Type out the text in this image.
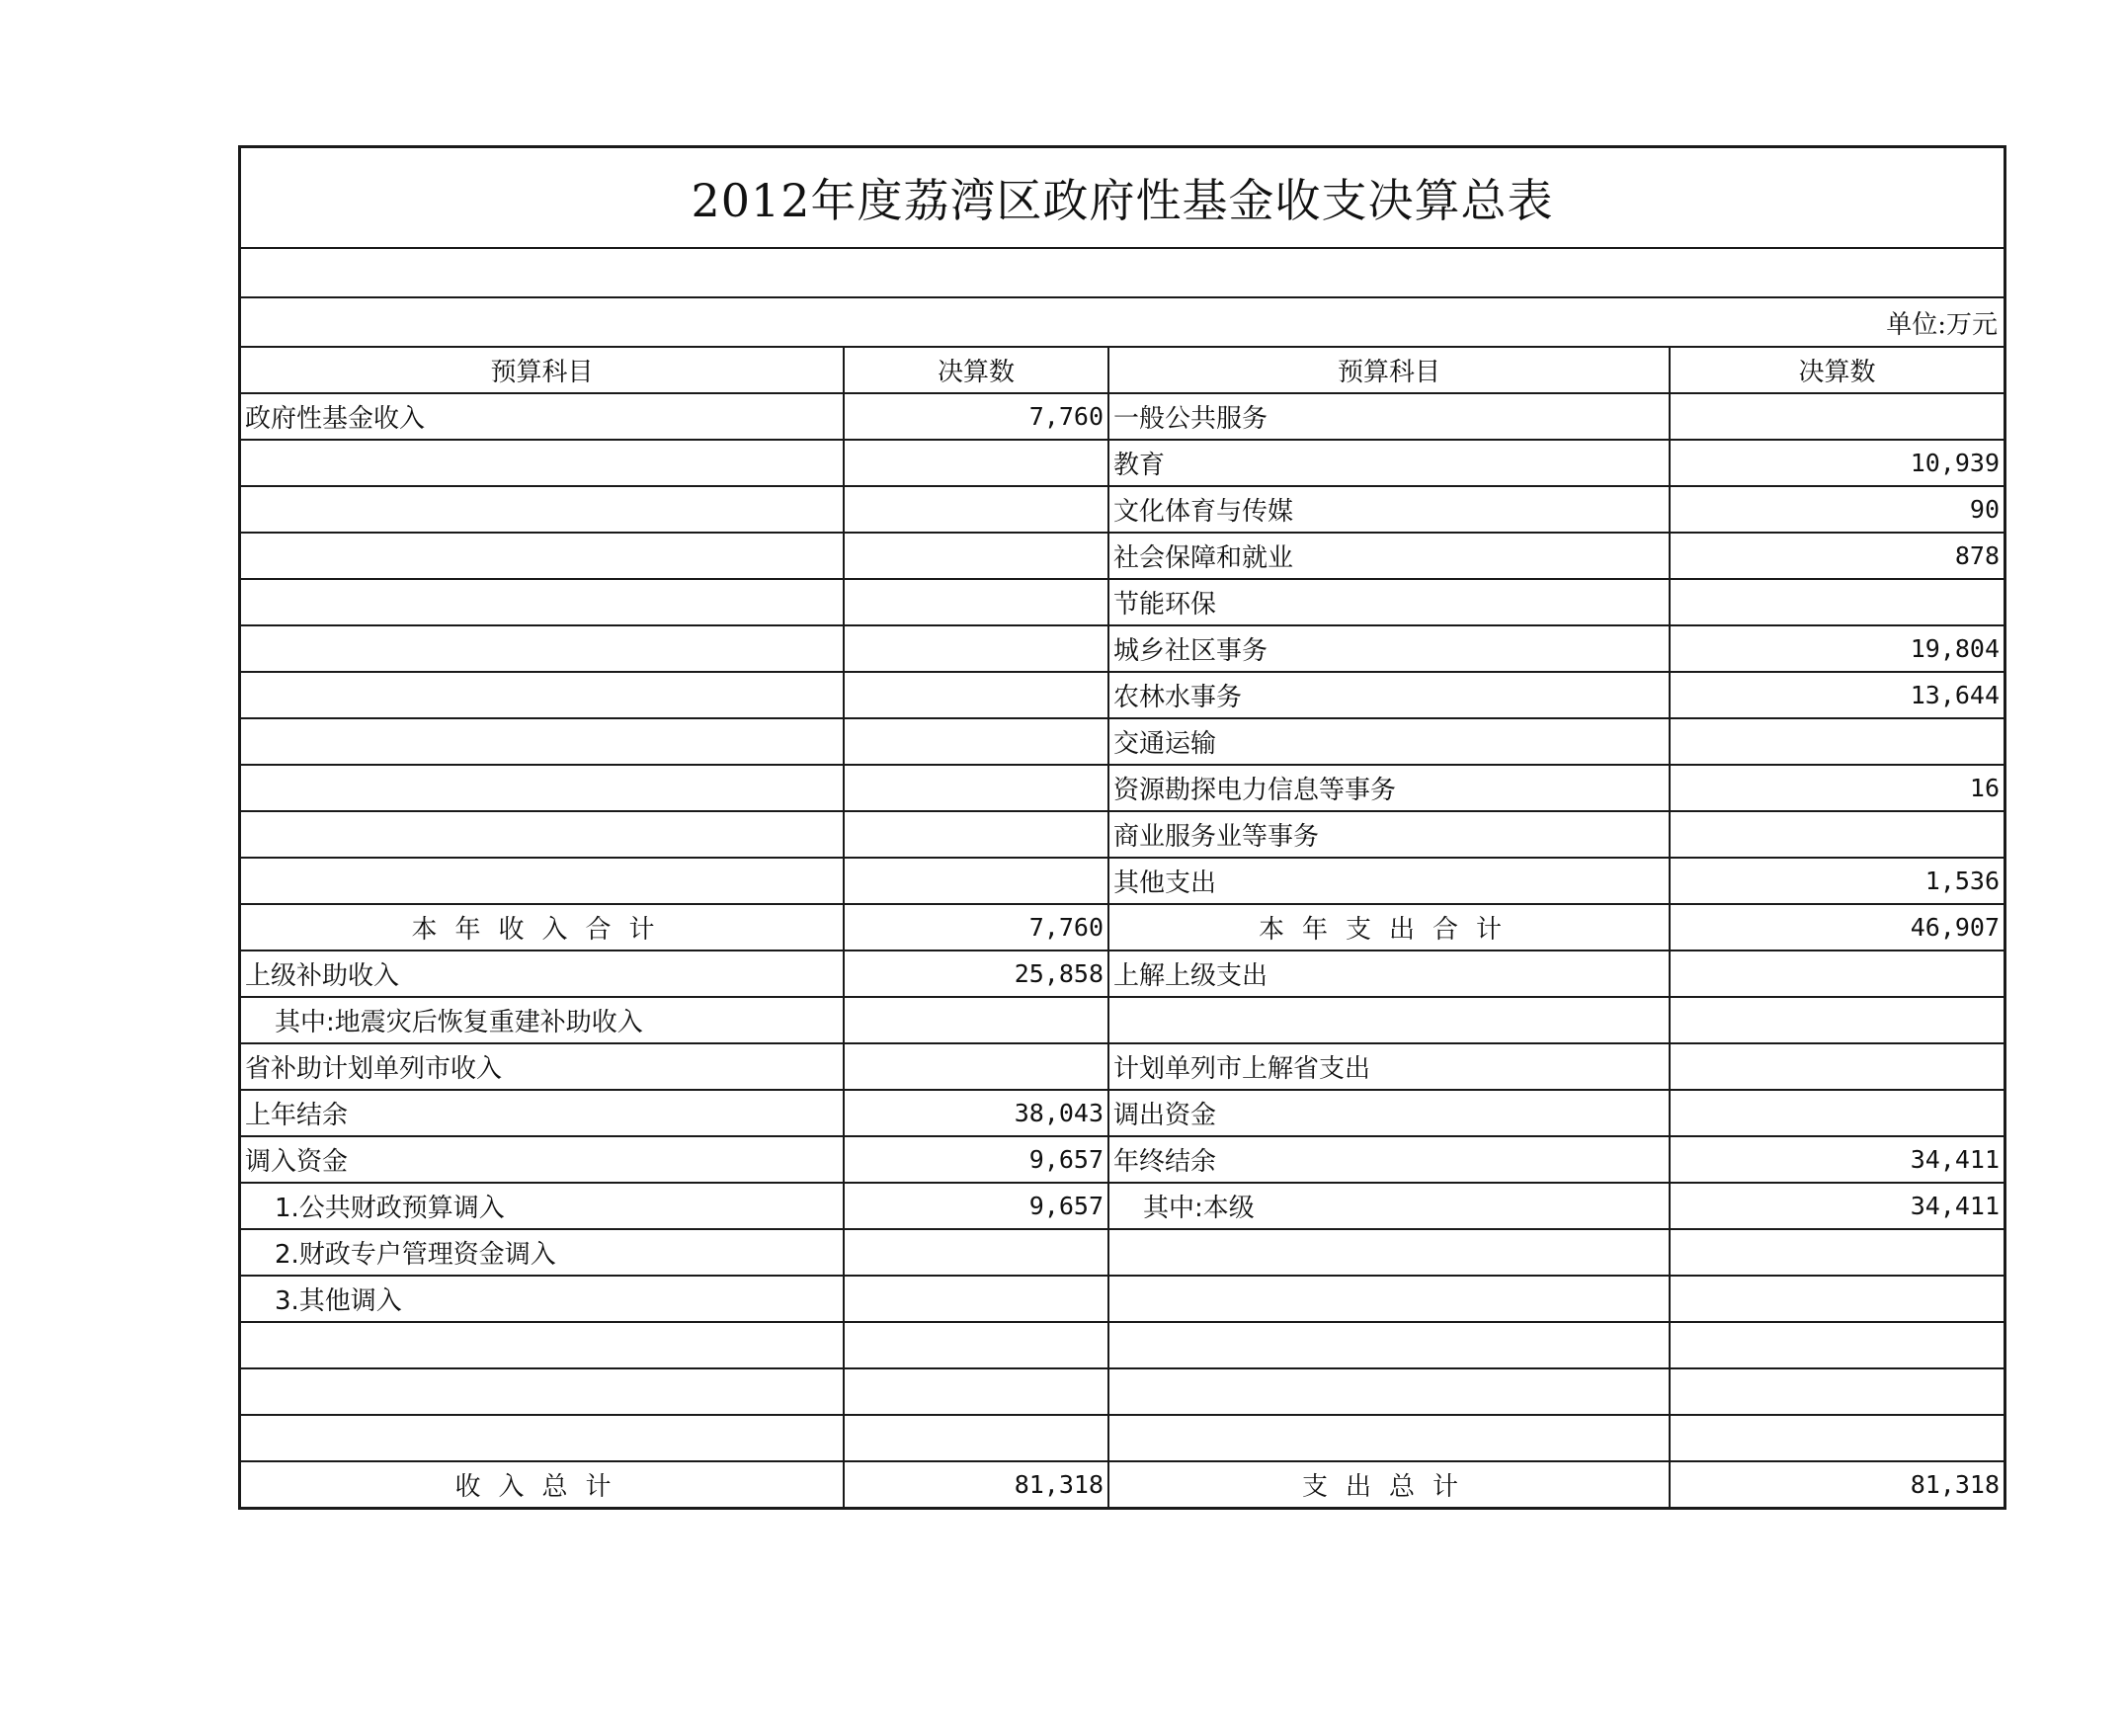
2012年度荔湾区政府性基金收支决算总表
单位:万元
预算科目	决算数	预算科目	决算数
政府性基金收入	7,760	一般公共服务	
		教育	10,939
		文化体育与传媒	90
		社会保障和就业	878
		节能环保	
		城乡社区事务	19,804
		农林水事务	13,644
		交通运输	
		资源勘探电力信息等事务	16
		商业服务业等事务	
		其他支出	1,536
本年收入合计	7,760	本年支出合计	46,907
上级补助收入	25,858	上解上级支出	
其中:地震灾后恢复重建补助收入			
省补助计划单列市收入		计划单列市上解省支出	
上年结余	38,043	调出资金	
调入资金	9,657	年终结余	34,411
1.公共财政预算调入	9,657	其中:本级	34,411
2.财政专户管理资金调入			
3.其他调入			

收入总计	81,318	支出总计	81,318
